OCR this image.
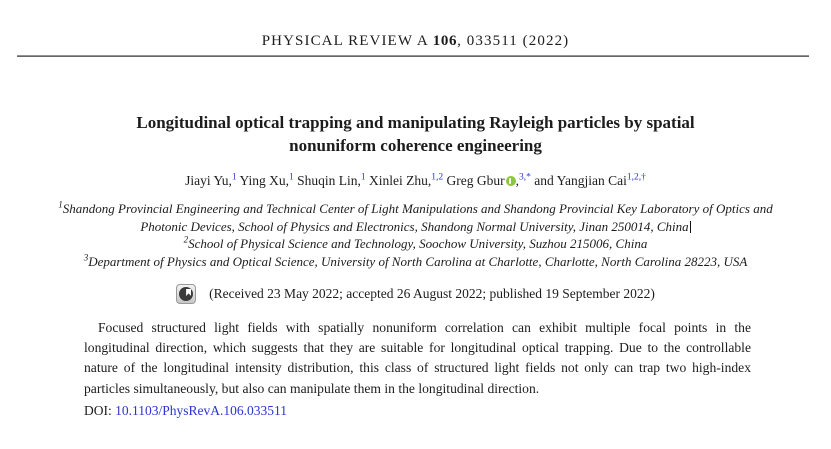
PHYSICAL REVIEW A 106, 033511 (2022)
Longitudinal optical trapping and manipulating Rayleigh particles by spatial
nonuniform coherence engineering
Jiayi Yu,$^1$ Ying Xu,$^1$ Shuqin Lin,$^1$ Xinlei Zhu,$^{1,2}$ Greg Gbur ,$^{3,*}$ and Yangjian Cai$^{1,2,\dagger}$
$^1$Shandong Provincial Engineering and Technical Center of Light Manipulations and Shandong Provincial Key Laboratory of Optics and
Photonic Devices, School of Physics and Electronics, Shandong Normal University, Jinan 250014, China
$^2$School of Physical Science and Technology, Soochow University, Suzhou 215006, China
$^3$Department of Physics and Optical Science, University of North Carolina at Charlotte, Charlotte, North Carolina 28223, USA
(Received 23 May 2022; accepted 26 August 2022; published 19 September 2022)
Focused structured light fields with spatially nonuniform correlation can exhibit multiple focal points in the longitudinal direction, which suggests that they are suitable for longitudinal optical trapping. Due to the controllable nature of the longitudinal intensity distribution, this class of structured light fields not only can trap two high-index particles simultaneously, but also can manipulate them in the longitudinal direction.
DOI: 10.1103/PhysRevA.106.033511
